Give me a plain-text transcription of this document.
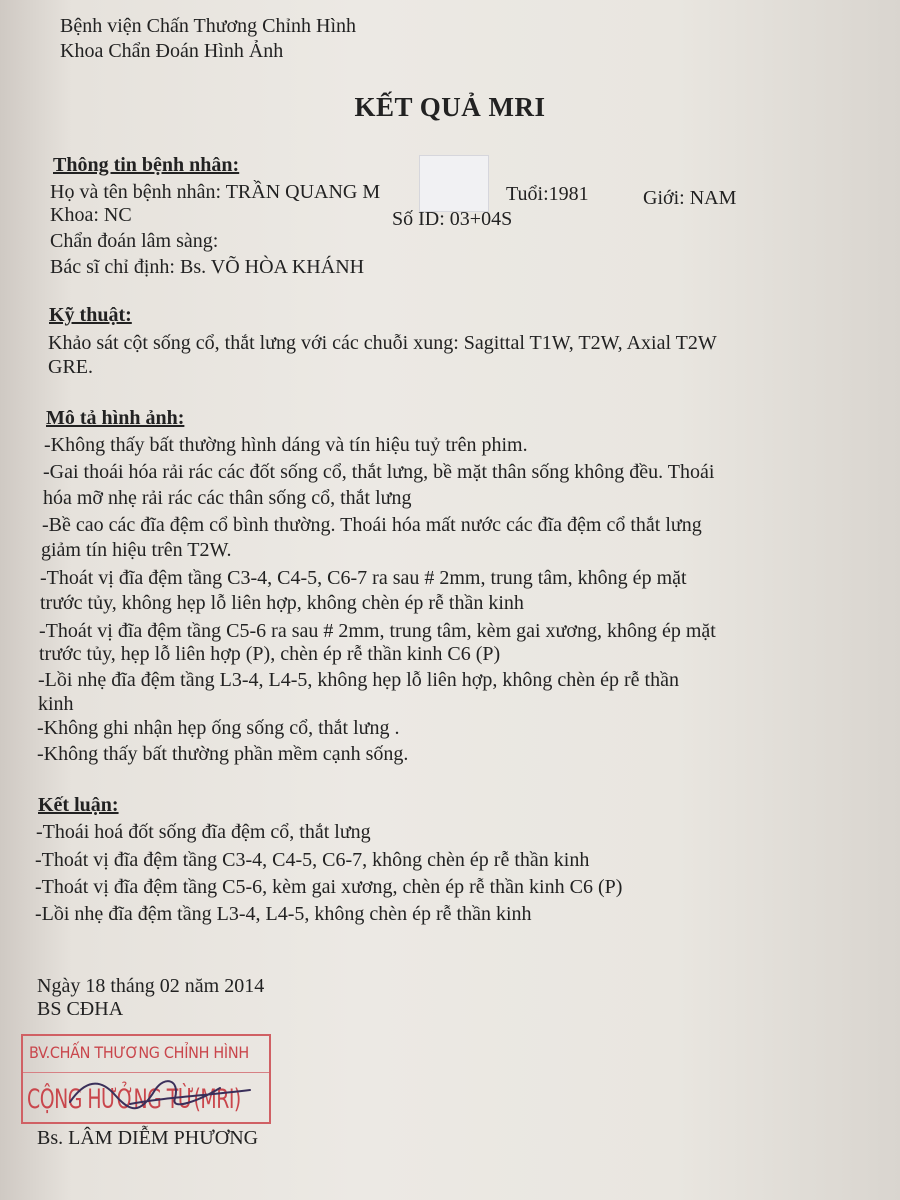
Bệnh viện Chấn Thương Chỉnh Hình
Khoa Chẩn Đoán Hình Ảnh
KẾT QUẢ MRI
Thông tin bệnh nhân:
Họ và tên bệnh nhân: TRẦN QUANG M	Tuổi:1981	Giới: NAM
Khoa: NC	Số ID: 03+04S
Chẩn đoán lâm sàng:
Bác sĩ chỉ định: Bs. VÕ HÒA KHÁNH
Kỹ thuật:
Khảo sát cột sống cổ, thắt lưng với các chuỗi xung: Sagittal T1W, T2W, Axial T2W
GRE.
Mô tả hình ảnh:
-Không thấy bất thường hình dáng và tín hiệu tuỷ trên phim.
-Gai thoái hóa rải rác các đốt sống cổ, thắt lưng, bề mặt thân sống không đều. Thoái
hóa mỡ nhẹ rải rác các thân sống cổ, thắt lưng
-Bề cao các đĩa đệm cổ bình thường. Thoái hóa mất nước các đĩa đệm cổ thắt lưng
giảm tín hiệu trên T2W.
-Thoát vị đĩa đệm tầng C3-4, C4-5, C6-7 ra sau # 2mm, trung tâm, không ép mặt
trước tủy, không hẹp lỗ liên hợp, không chèn ép rễ thần kinh
-Thoát vị đĩa đệm tầng C5-6 ra sau # 2mm, trung tâm, kèm gai xương, không ép mặt
trước tủy, hẹp lỗ liên hợp (P), chèn ép rễ thần kinh C6 (P)
-Lồi nhẹ đĩa đệm tầng L3-4, L4-5, không hẹp lỗ liên hợp, không chèn ép rễ thần
kinh
-Không ghi nhận hẹp ống sống cổ, thắt lưng .
-Không thấy bất thường phần mềm cạnh sống.
Kết luận:
-Thoái hoá đốt sống đĩa đệm cổ, thắt lưng
-Thoát vị đĩa đệm tầng C3-4, C4-5, C6-7, không chèn ép rễ thần kinh
-Thoát vị đĩa đệm tầng C5-6, kèm gai xương, chèn ép rễ thần kinh C6 (P)
-Lồi nhẹ đĩa đệm tầng L3-4, L4-5, không chèn ép rễ thần kinh
Ngày 18 tháng 02 năm 2014
BS CĐHA
BV.CHẤN THƯƠNG CHỈNH HÌNH
CỘNG HƯỞNG TỪ(MRI)
Bs. LÂM DIỄM PHƯƠNG
